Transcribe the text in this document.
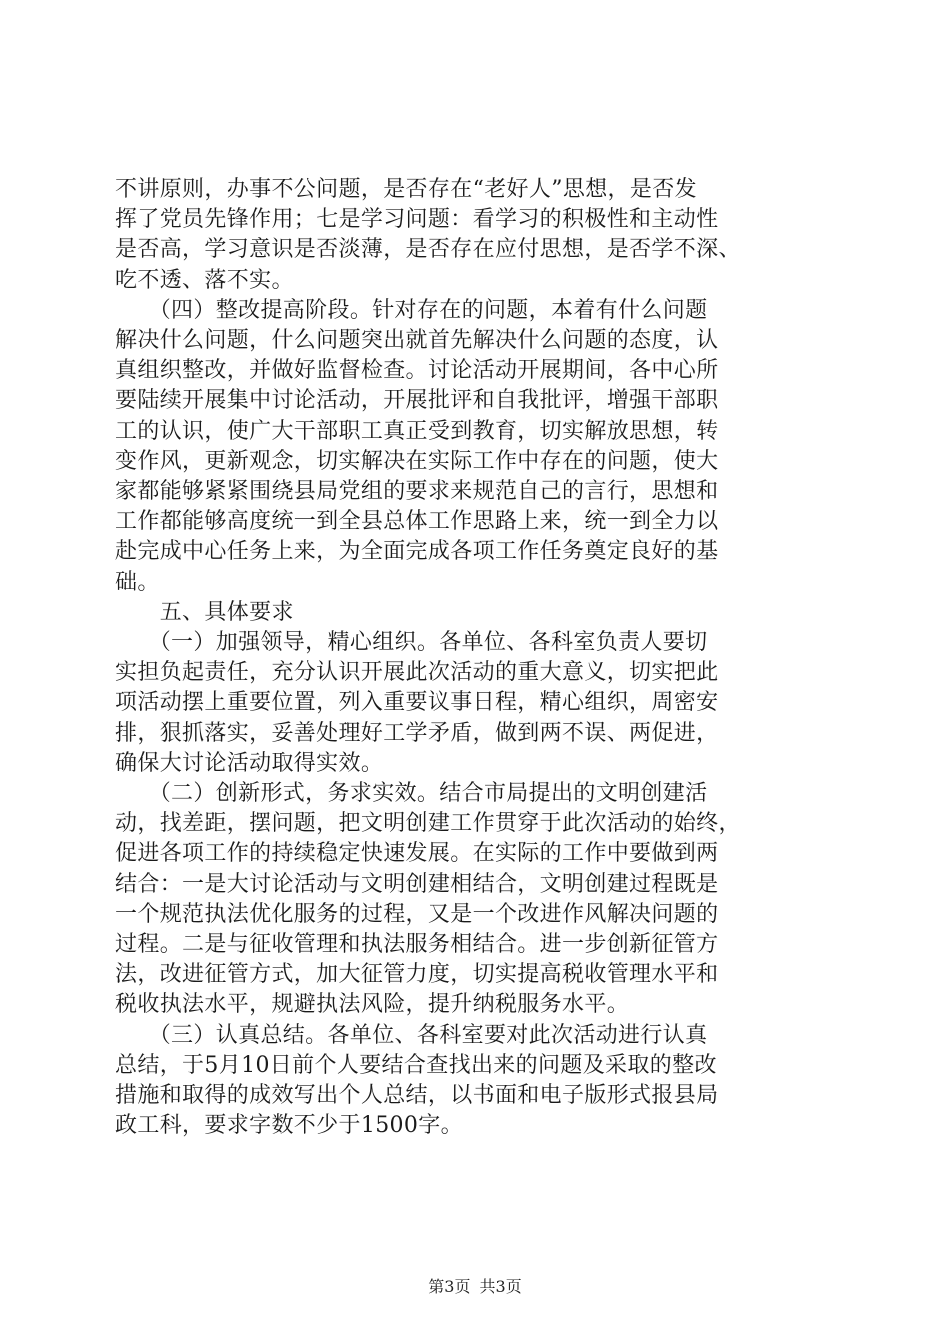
不讲原则，办事不公问题，是否存在“老好人”思想，是否发
挥了党员先锋作用；七是学习问题：看学习的积极性和主动性
是否高，学习意识是否淡薄，是否存在应付思想，是否学不深、
吃不透、落不实。
　　（四）整改提高阶段。针对存在的问题，本着有什么问题
解决什么问题，什么问题突出就首先解决什么问题的态度，认
真组织整改，并做好监督检查。讨论活动开展期间，各中心所
要陆续开展集中讨论活动，开展批评和自我批评，增强干部职
工的认识，使广大干部职工真正受到教育，切实解放思想，转
变作风，更新观念，切实解决在实际工作中存在的问题，使大
家都能够紧紧围绕县局党组的要求来规范自己的言行，思想和
工作都能够高度统一到全县总体工作思路上来，统一到全力以
赴完成中心任务上来，为全面完成各项工作任务奠定良好的基
础。
　　五、具体要求
　　（一）加强领导，精心组织。各单位、各科室负责人要切
实担负起责任，充分认识开展此次活动的重大意义，切实把此
项活动摆上重要位置，列入重要议事日程，精心组织，周密安
排，狠抓落实，妥善处理好工学矛盾，做到两不误、两促进，
确保大讨论活动取得实效。
　　（二）创新形式，务求实效。结合市局提出的文明创建活
动，找差距，摆问题，把文明创建工作贯穿于此次活动的始终，
促进各项工作的持续稳定快速发展。在实际的工作中要做到两
结合：一是大讨论活动与文明创建相结合，文明创建过程既是
一个规范执法优化服务的过程，又是一个改进作风解决问题的
过程。二是与征收管理和执法服务相结合。进一步创新征管方
法，改进征管方式，加大征管力度，切实提高税收管理水平和
税收执法水平，规避执法风险，提升纳税服务水平。
　　（三）认真总结。各单位、各科室要对此次活动进行认真
总结，于5月10日前个人要结合查找出来的问题及采取的整改
措施和取得的成效写出个人总结，以书面和电子版形式报县局
政工科，要求字数不少于1500字。
第3页 共3页
